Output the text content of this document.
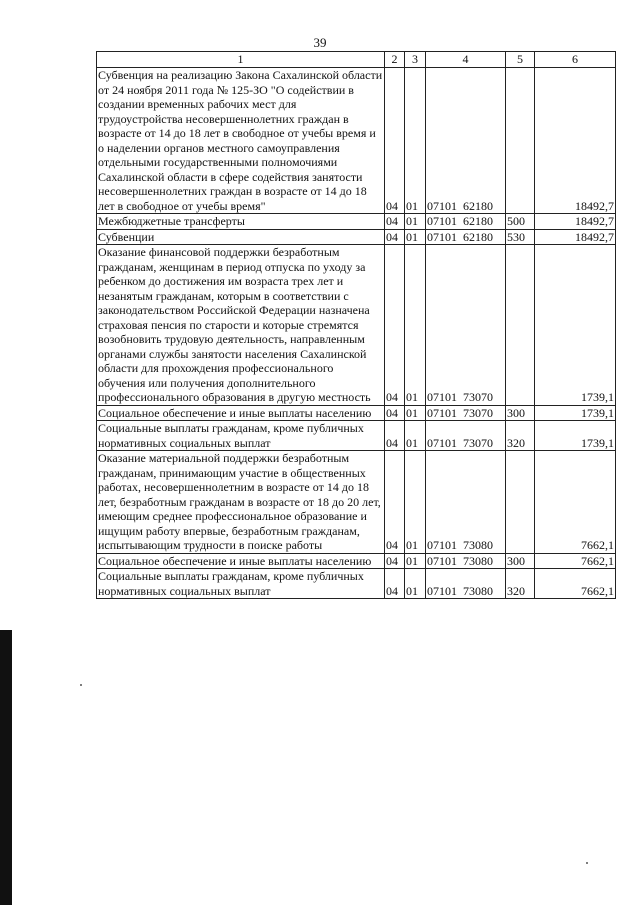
39
1	2	3	4	5	6
Субвенция на реализацию Закона Сахалинской области от 24 ноября 2011 года № 125-ЗО "О содействии в создании временных рабочих мест для трудоустройства несовершеннолетних граждан в возрасте от 14 до 18 лет в свободное от учебы время и о наделении органов местного самоуправления отдельными государственными полномочиями Сахалинской области в сфере содействия занятости несовершеннолетних граждан в возрасте от 14 до 18 лет в свободное от учебы время"	04	01	07101  62180		18492,7
Межбюджетные трансферты	04	01	07101  62180	500	18492,7
Субвенции	04	01	07101  62180	530	18492,7
Оказание финансовой поддержки безработным гражданам, женщинам в период отпуска по уходу за ребенком до достижения им возраста трех лет и незанятым гражданам, которым в соответствии с законодательством Российской Федерации назначена страховая пенсия по старости и которые стремятся возобновить трудовую деятельность, направленным органами службы занятости населения Сахалинской области для прохождения профессионального обучения или получения дополнительного профессионального образования в другую местность	04	01	07101  73070		1739,1
Социальное обеспечение и иные выплаты населению	04	01	07101  73070	300	1739,1
Социальные выплаты гражданам, кроме публичных нормативных социальных выплат	04	01	07101  73070	320	1739,1
Оказание материальной поддержки безработным гражданам, принимающим участие в общественных работах, несовершеннолетним в возрасте от 14 до 18 лет, безработным гражданам в возрасте от 18 до 20 лет, имеющим среднее профессиональное образование и ищущим работу впервые, безработным гражданам, испытывающим трудности в поиске работы	04	01	07101  73080		7662,1
Социальное обеспечение и иные выплаты населению	04	01	07101  73080	300	7662,1
Социальные выплаты гражданам, кроме публичных нормативных социальных выплат	04	01	07101  73080	320	7662,1
